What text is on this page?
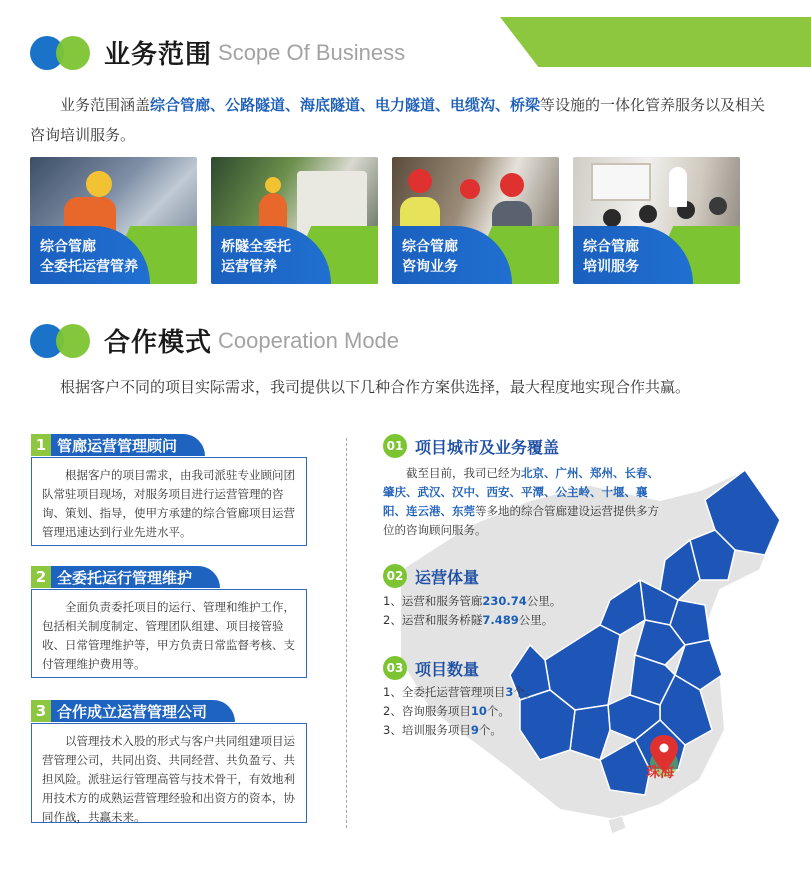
业务范围 Scope Of Business
业务范围涵盖综合管廊、公路隧道、海底隧道、电力隧道、电缆沟、桥梁等设施的一体化管养服务以及相关咨询培训服务。
综合管廊
全委托运营管养
桥隧全委托
运营管养
综合管廊
咨询业务
综合管廊
培训服务
合作模式 Cooperation Mode
根据客户不同的项目实际需求，我司提供以下几种合作方案供选择，最大程度地实现合作共赢。
1 管廊运营管理顾问
根据客户的项目需求，由我司派驻专业顾问团队常驻项目现场，对服务项目进行运营管理的咨询、策划、指导，使甲方承建的综合管廊项目运营管理迅速达到行业先进水平。
2 全委托运行管理维护
全面负责委托项目的运行、管理和维护工作，包括相关制度制定、管理团队组建、项目接管验收、日常管理维护等，甲方负责日常监督考核、支付管理维护费用等。
3 合作成立运营管理公司
以管理技术入股的形式与客户共同组建项目运营管理公司，共同出资、共同经营、共负盈亏、共担风险。派驻运行管理高管与技术骨干，有效地利用技术方的成熟运营管理经验和出资方的资本，协同作战，共赢未来。
珠海
01 项目城市及业务覆盖
截至目前，我司已经为北京、广州、郑州、长春、肇庆、武汉、汉中、西安、平潭、公主岭、十堰、襄阳、连云港、东莞等多地的综合管廊建设运营提供多方位的咨询顾问服务。
02 运营体量
1、运营和服务管廊230.74公里。
2、运营和服务桥隧7.489公里。
03 项目数量
1、全委托运营管理项目3个。
2、咨询服务项目10个。
3、培训服务项目9个。
